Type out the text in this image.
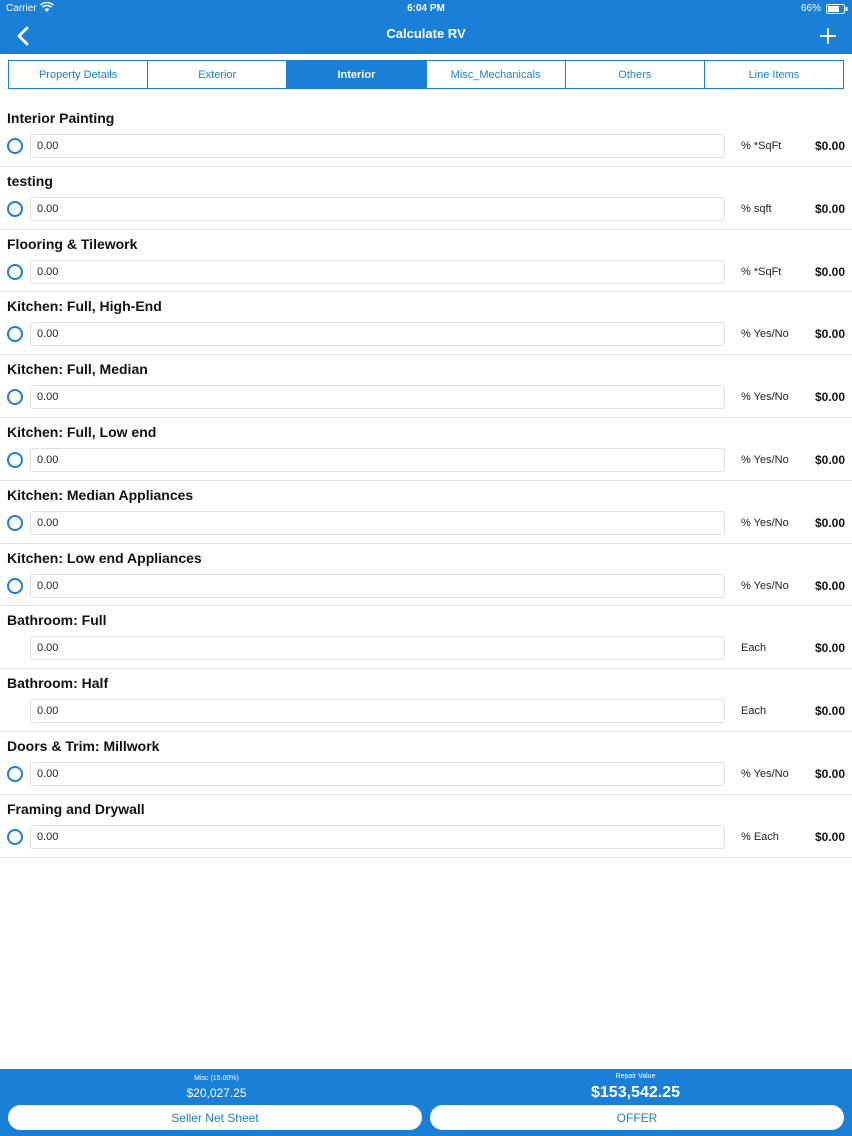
Carrier	6:04 PM	66%
Calculate RV
Property Details	Exterior	Interior	Misc_Mechanicals	Others	Line Items
Interior Painting
0.00	% *SqFt	$0.00
testing
0.00	% sqft	$0.00
Flooring & Tilework
0.00	% *SqFt	$0.00
Kitchen: Full, High-End
0.00	% Yes/No	$0.00
Kitchen: Full, Median
0.00	% Yes/No	$0.00
Kitchen: Full, Low end
0.00	% Yes/No	$0.00
Kitchen: Median Appliances
0.00	% Yes/No	$0.00
Kitchen: Low end Appliances
0.00	% Yes/No	$0.00
Bathroom: Full
0.00	Each	$0.00
Bathroom: Half
0.00	Each	$0.00
Doors & Trim: Millwork
0.00	% Yes/No	$0.00
Framing and Drywall
0.00	% Each	$0.00
Misc (15.00%)
$20,027.25
Repair Value
$153,542.25
Seller Net Sheet	OFFER
